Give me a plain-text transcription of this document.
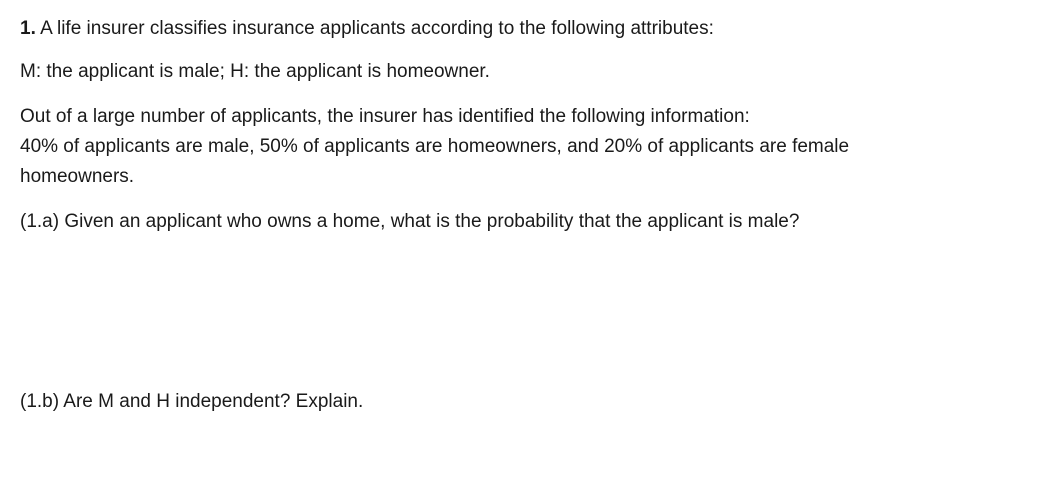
1. A life insurer classifies insurance applicants according to the following attributes:

M: the applicant is male; H: the applicant is homeowner.

Out of a large number of applicants, the insurer has identified the following information:
40% of applicants are male, 50% of applicants are homeowners, and 20% of applicants are female
homeowners.

(1.a) Given an applicant who owns a home, what is the probability that the applicant is male?

(1.b) Are M and H independent? Explain.
